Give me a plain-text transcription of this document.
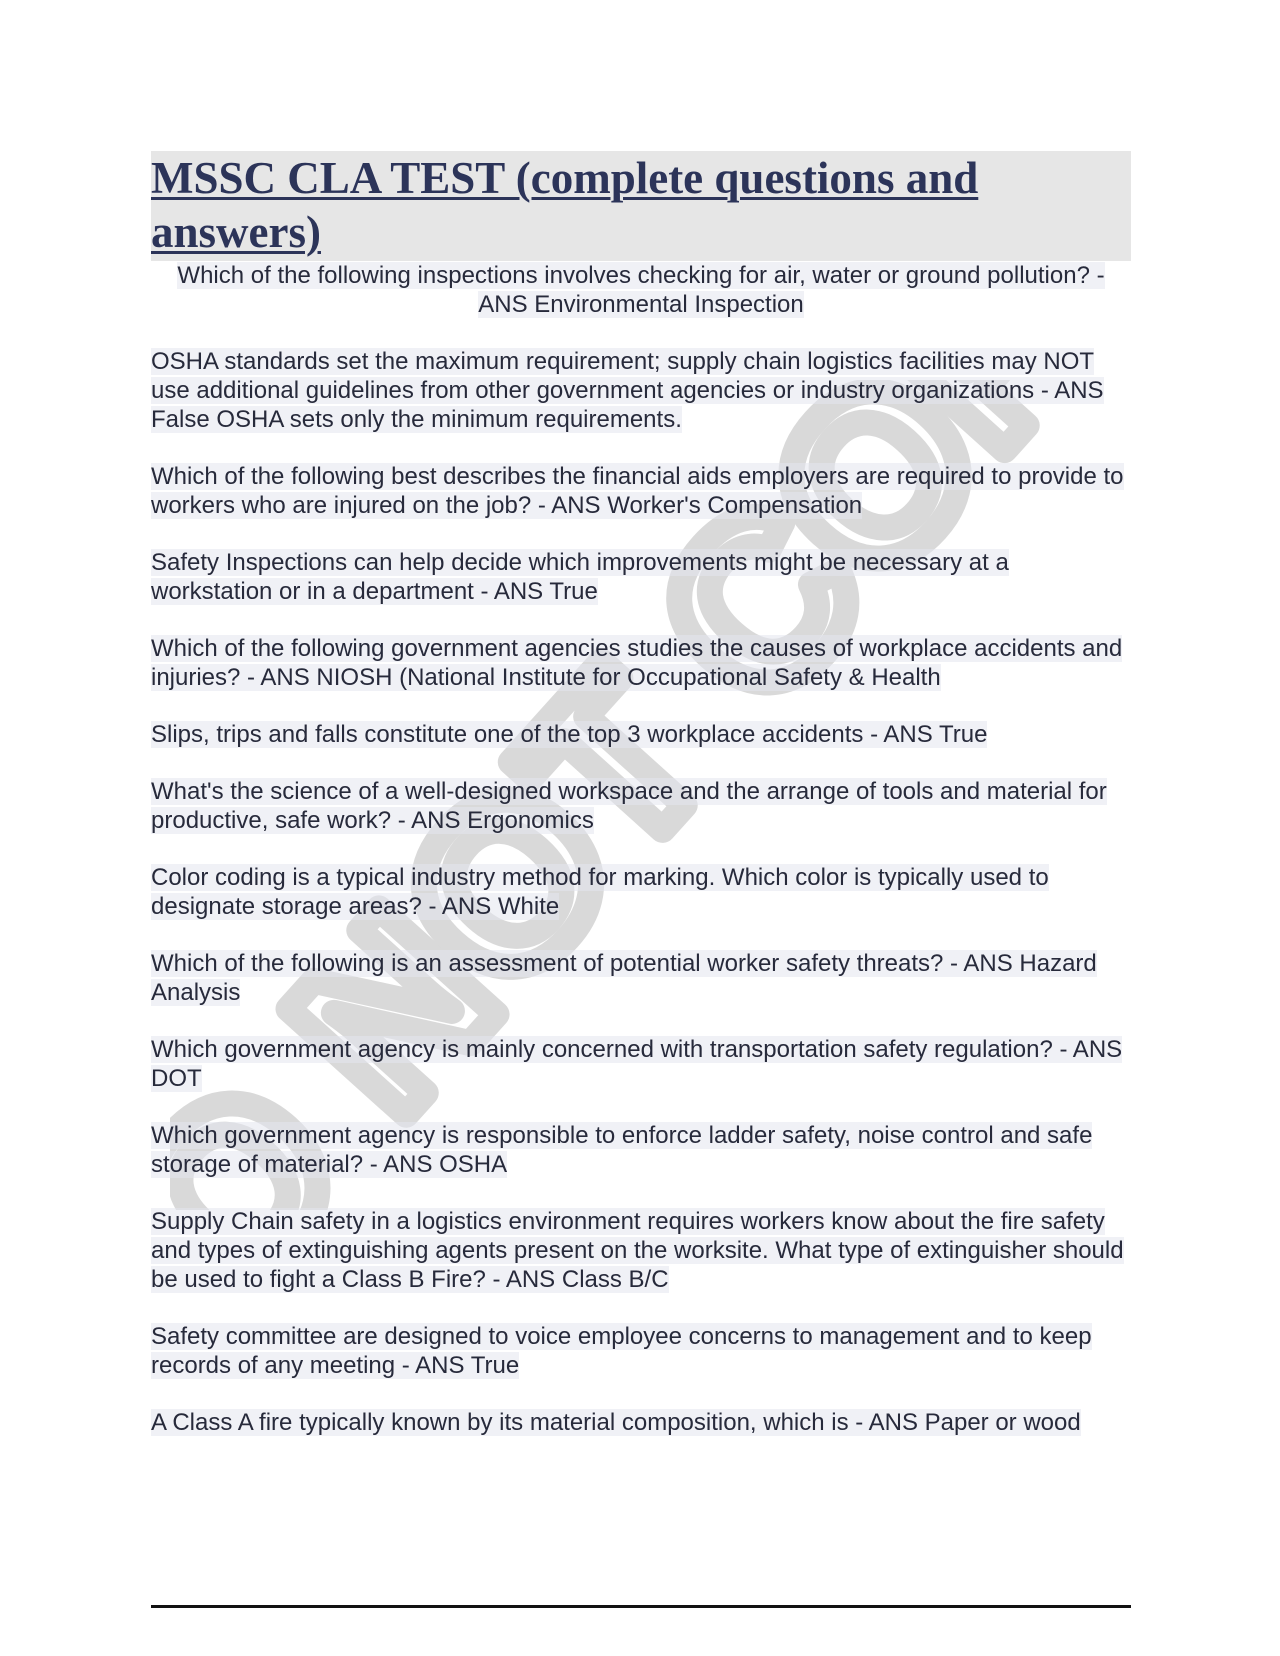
MSSC CLA TEST (complete questions and answers)

Which of the following inspections involves checking for air, water or ground pollution? - ANS Environmental Inspection

OSHA standards set the maximum requirement; supply chain logistics facilities may NOT use additional guidelines from other government agencies or industry organizations - ANS False OSHA sets only the minimum requirements.

Which of the following best describes the financial aids employers are required to provide to workers who are injured on the job? - ANS Worker's Compensation

Safety Inspections can help decide which improvements might be necessary at a workstation or in a department - ANS True

Which of the following government agencies studies the causes of workplace accidents and injuries? - ANS NIOSH (National Institute for Occupational Safety & Health

Slips, trips and falls constitute one of the top 3 workplace accidents - ANS True

What's the science of a well-designed workspace and the arrange of tools and material for productive, safe work? - ANS Ergonomics

Color coding is a typical industry method for marking. Which color is typically used to designate storage areas? - ANS White

Which of the following is an assessment of potential worker safety threats? - ANS Hazard Analysis

Which government agency is mainly concerned with transportation safety regulation? - ANS DOT

Which government agency is responsible to enforce ladder safety, noise control and safe storage of material? - ANS OSHA

Supply Chain safety in a logistics environment requires workers know about the fire safety and types of extinguishing agents present on the worksite. What type of extinguisher should be used to fight a Class B Fire? - ANS Class B/C

Safety committee are designed to voice employee concerns to management and to keep records of any meeting - ANS True

A Class A fire typically known by its material composition, which is - ANS Paper or wood
